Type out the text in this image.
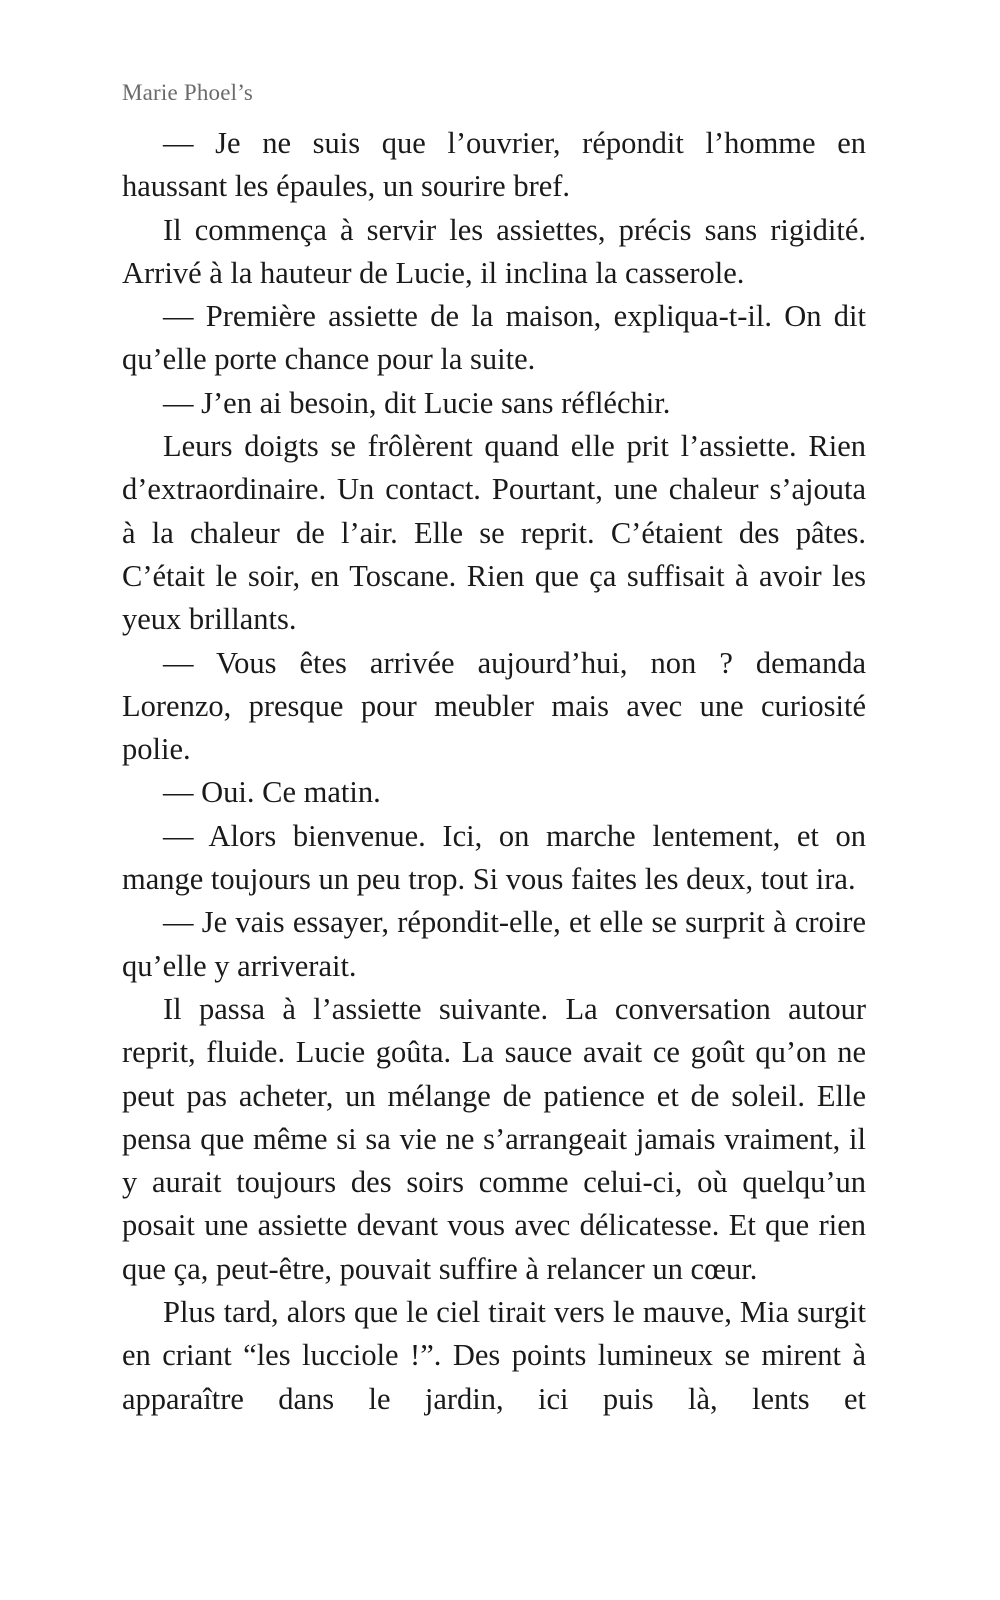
Marie Phoel’s

— Je ne suis que l’ouvrier, répondit l’homme en haussant les épaules, un sourire bref.

Il commença à servir les assiettes, précis sans rigidité. Arrivé à la hauteur de Lucie, il inclina la casserole.

— Première assiette de la maison, expliqua-t-il. On dit qu’elle porte chance pour la suite.

— J’en ai besoin, dit Lucie sans réfléchir.

Leurs doigts se frôlèrent quand elle prit l’assiette. Rien d’extraordinaire. Un contact. Pourtant, une chaleur s’ajouta à la chaleur de l’air. Elle se reprit. C’étaient des pâtes. C’était le soir, en Toscane. Rien que ça suffisait à avoir les yeux brillants.

— Vous êtes arrivée aujourd’hui, non ? demanda Lorenzo, presque pour meubler mais avec une curiosité polie.

— Oui. Ce matin.

— Alors bienvenue. Ici, on marche lentement, et on mange toujours un peu trop. Si vous faites les deux, tout ira.

— Je vais essayer, répondit-elle, et elle se surprit à croire qu’elle y arriverait.

Il passa à l’assiette suivante. La conversation autour reprit, fluide. Lucie goûta. La sauce avait ce goût qu’on ne peut pas acheter, un mélange de patience et de soleil. Elle pensa que même si sa vie ne s’arrangeait jamais vraiment, il y aurait toujours des soirs comme celui-ci, où quelqu’un posait une assiette devant vous avec délicatesse. Et que rien que ça, peut-être, pouvait suffire à relancer un cœur.

Plus tard, alors que le ciel tirait vers le mauve, Mia surgit en criant “les lucciole !”. Des points lumineux se mirent à apparaître dans le jardin, ici puis là, lents et
